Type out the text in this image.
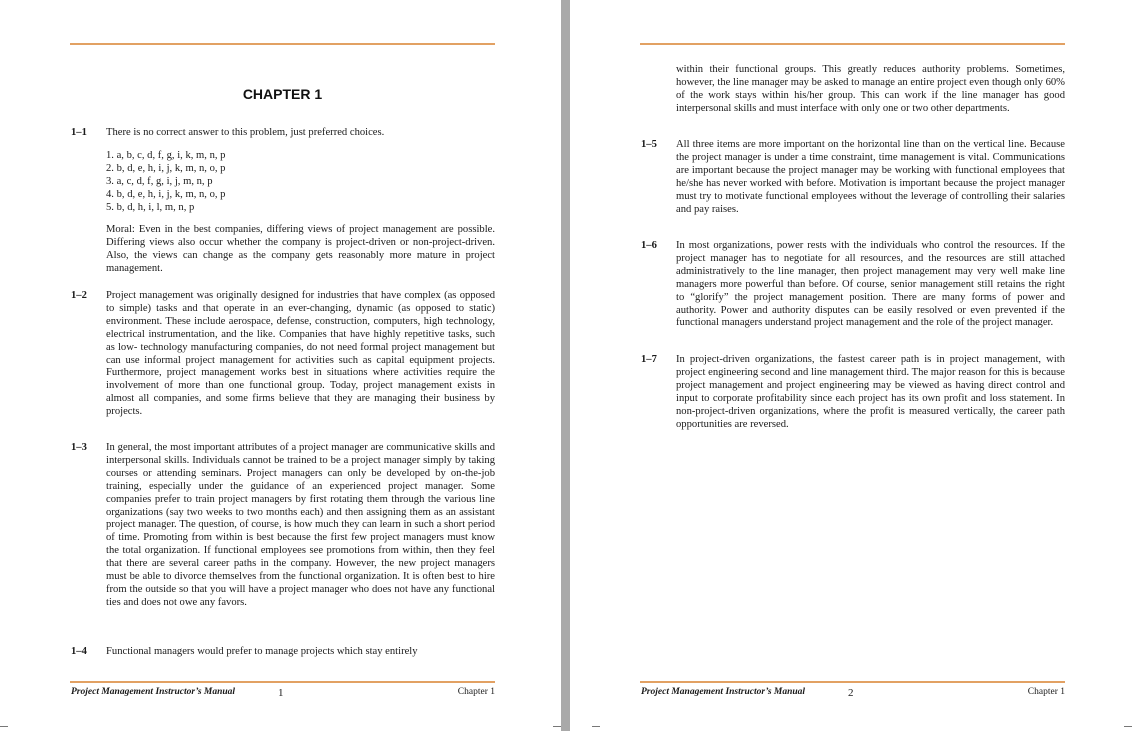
CHAPTER 1
1–1 There is no correct answer to this problem, just preferred choices.

1. a, b, c, d, f, g, i, k, m, n, p
2. b, d, e, h, i, j, k, m, n, o, p
3. a, c, d, f, g, i, j, m, n, p
4. b, d, e, h, i, j, k, m, n, o, p
5. b, d, h, i, l, m, n, p

Moral: Even in the best companies, differing views of project management are possible. Differing views also occur whether the company is project-driven or non-project-driven. Also, the views can change as the company gets reasonably more mature in project management.

1–2 Project management was originally designed for industries that have complex (as opposed to simple) tasks and that operate in an ever-changing, dynamic (as opposed to static) environment. These include aerospace, defense, construction, computers, high technology, electrical instrumentation, and the like. Companies that have highly repetitive tasks, such as low- technology manufacturing companies, do not need formal project management but can use informal project management for activities such as capital equipment projects. Furthermore, project management works best in situations where activities require the involvement of more than one functional group. Today, project management exists in almost all companies, and some firms believe that they are managing their business by projects.

1–3 In general, the most important attributes of a project manager are communicative skills and interpersonal skills. Individuals cannot be trained to be a project manager simply by taking courses or attending seminars. Project managers can only be developed by on-the-job training, especially under the guidance of an experienced project manager. Some companies prefer to train project managers by first rotating them through the various line organizations (say two weeks to two months each) and then assigning them as an assistant project manager. The question, of course, is how much they can learn in such a short period of time. Promoting from within is best because the first few project managers must know the total organization. If functional employees see promotions from within, then they feel that there are several career paths in the company. However, the new project managers must be able to divorce themselves from the functional organization. It is often best to hire from the outside so that you will have a project manager who does not have any functional ties and does not owe any favors.

1–4 Functional managers would prefer to manage projects which stay entirely

Project Management Instructor’s Manual	1	Chapter 1

within their functional groups. This greatly reduces authority problems. Sometimes, however, the line manager may be asked to manage an entire project even though only 60% of the work stays within his/her group. This can work if the line manager has good interpersonal skills and must interface with only one or two other departments.

1–5 All three items are more important on the horizontal line than on the vertical line. Because the project manager is under a time constraint, time management is vital. Communications are important because the project manager may be working with functional employees that he/she has never worked with before. Motivation is important because the project manager must try to motivate functional employees without the leverage of controlling their salaries and pay raises.

1–6 In most organizations, power rests with the individuals who control the resources. If the project manager has to negotiate for all resources, and the resources are still attached administratively to the line manager, then project management may very well make line managers more powerful than before. Of course, senior management still retains the right to “glorify” the project management position. There are many forms of power and authority. Power and authority disputes can be easily resolved or even prevented if the functional managers understand project management and the role of the project manager.

1–7 In project-driven organizations, the fastest career path is in project management, with project engineering second and line management third. The major reason for this is because project management and project engineering may be viewed as having direct control and input to corporate profitability since each project has its own profit and loss statement. In non-project-driven organizations, where the profit is measured vertically, the career path opportunities are reversed.

Project Management Instructor’s Manual	2	Chapter 1
